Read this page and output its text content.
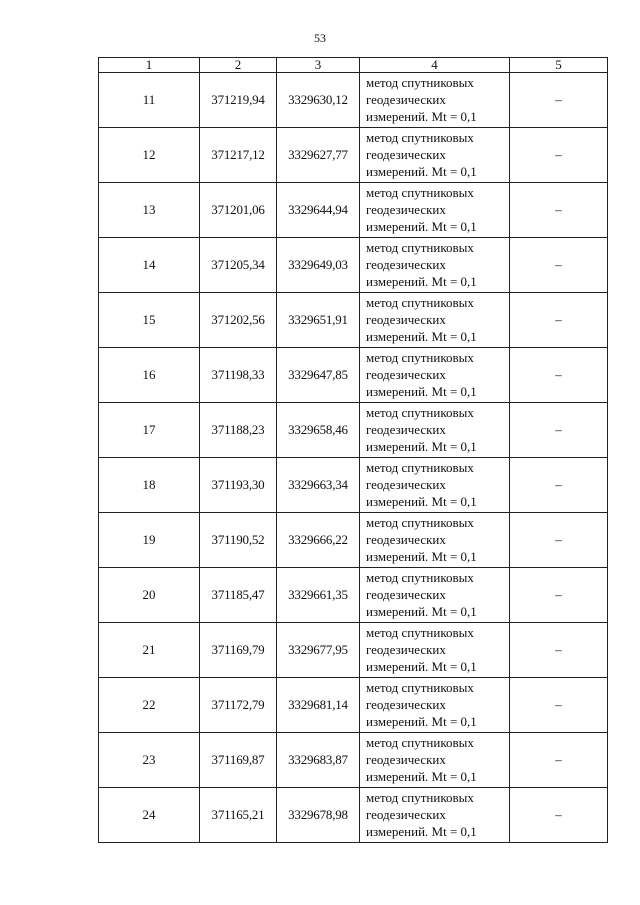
53
1	2	3	4	5
11	371219,94	3329630,12	метод спутниковых
геодезических
измерений. Mt = 0,1	–
12	371217,12	3329627,77	метод спутниковых
геодезических
измерений. Mt = 0,1	–
13	371201,06	3329644,94	метод спутниковых
геодезических
измерений. Mt = 0,1	–
14	371205,34	3329649,03	метод спутниковых
геодезических
измерений. Mt = 0,1	–
15	371202,56	3329651,91	метод спутниковых
геодезических
измерений. Mt = 0,1	–
16	371198,33	3329647,85	метод спутниковых
геодезических
измерений. Mt = 0,1	–
17	371188,23	3329658,46	метод спутниковых
геодезических
измерений. Mt = 0,1	–
18	371193,30	3329663,34	метод спутниковых
геодезических
измерений. Mt = 0,1	–
19	371190,52	3329666,22	метод спутниковых
геодезических
измерений. Mt = 0,1	–
20	371185,47	3329661,35	метод спутниковых
геодезических
измерений. Mt = 0,1	–
21	371169,79	3329677,95	метод спутниковых
геодезических
измерений. Mt = 0,1	–
22	371172,79	3329681,14	метод спутниковых
геодезических
измерений. Mt = 0,1	–
23	371169,87	3329683,87	метод спутниковых
геодезических
измерений. Mt = 0,1	–
24	371165,21	3329678,98	метод спутниковых
геодезических
измерений. Mt = 0,1	–
